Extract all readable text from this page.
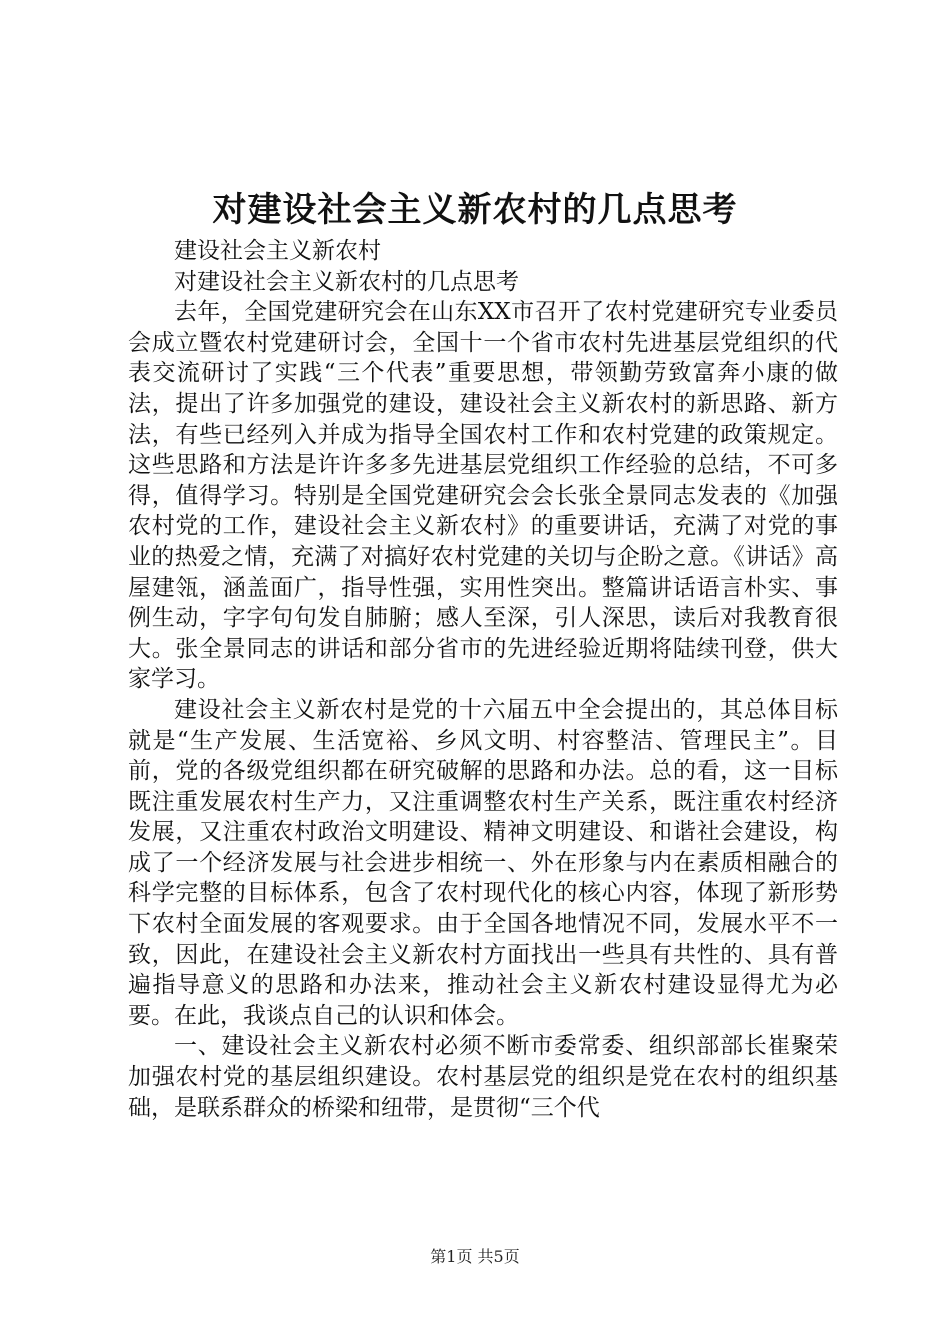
对建设社会主义新农村的几点思考

建设社会主义新农村

对建设社会主义新农村的几点思考

去年，全国党建研究会在山东XX市召开了农村党建研究专业委员会成立暨农村党建研讨会，全国十一个省市农村先进基层党组织的代表交流研讨了实践“三个代表”重要思想，带领勤劳致富奔小康的做法，提出了许多加强党的建设，建设社会主义新农村的新思路、新方法，有些已经列入并成为指导全国农村工作和农村党建的政策规定。这些思路和方法是许许多多先进基层党组织工作经验的总结，不可多得，值得学习。特别是全国党建研究会会长张全景同志发表的《加强农村党的工作，建设社会主义新农村》的重要讲话，充满了对党的事业的热爱之情，充满了对搞好农村党建的关切与企盼之意。《讲话》高屋建瓴，涵盖面广，指导性强，实用性突出。整篇讲话语言朴实、事例生动，字字句句发自肺腑；感人至深，引人深思，读后对我教育很大。张全景同志的讲话和部分省市的先进经验近期将陆续刊登，供大家学习。

建设社会主义新农村是党的十六届五中全会提出的，其总体目标就是“生产发展、生活宽裕、乡风文明、村容整洁、管理民主”。目前，党的各级党组织都在研究破解的思路和办法。总的看，这一目标既注重发展农村生产力，又注重调整农村生产关系，既注重农村经济发展，又注重农村政治文明建设、精神文明建设、和谐社会建设，构成了一个经济发展与社会进步相统一、外在形象与内在素质相融合的科学完整的目标体系，包含了农村现代化的核心内容，体现了新形势下农村全面发展的客观要求。由于全国各地情况不同，发展水平不一致，因此，在建设社会主义新农村方面找出一些具有共性的、具有普遍指导意义的思路和办法来，推动社会主义新农村建设显得尤为必要。在此，我谈点自己的认识和体会。

一、建设社会主义新农村必须不断市委常委、组织部部长崔聚荣加强农村党的基层组织建设。农村基层党的组织是党在农村的组织基础，是联系群众的桥梁和纽带，是贯彻“三个代

第1页 共5页
